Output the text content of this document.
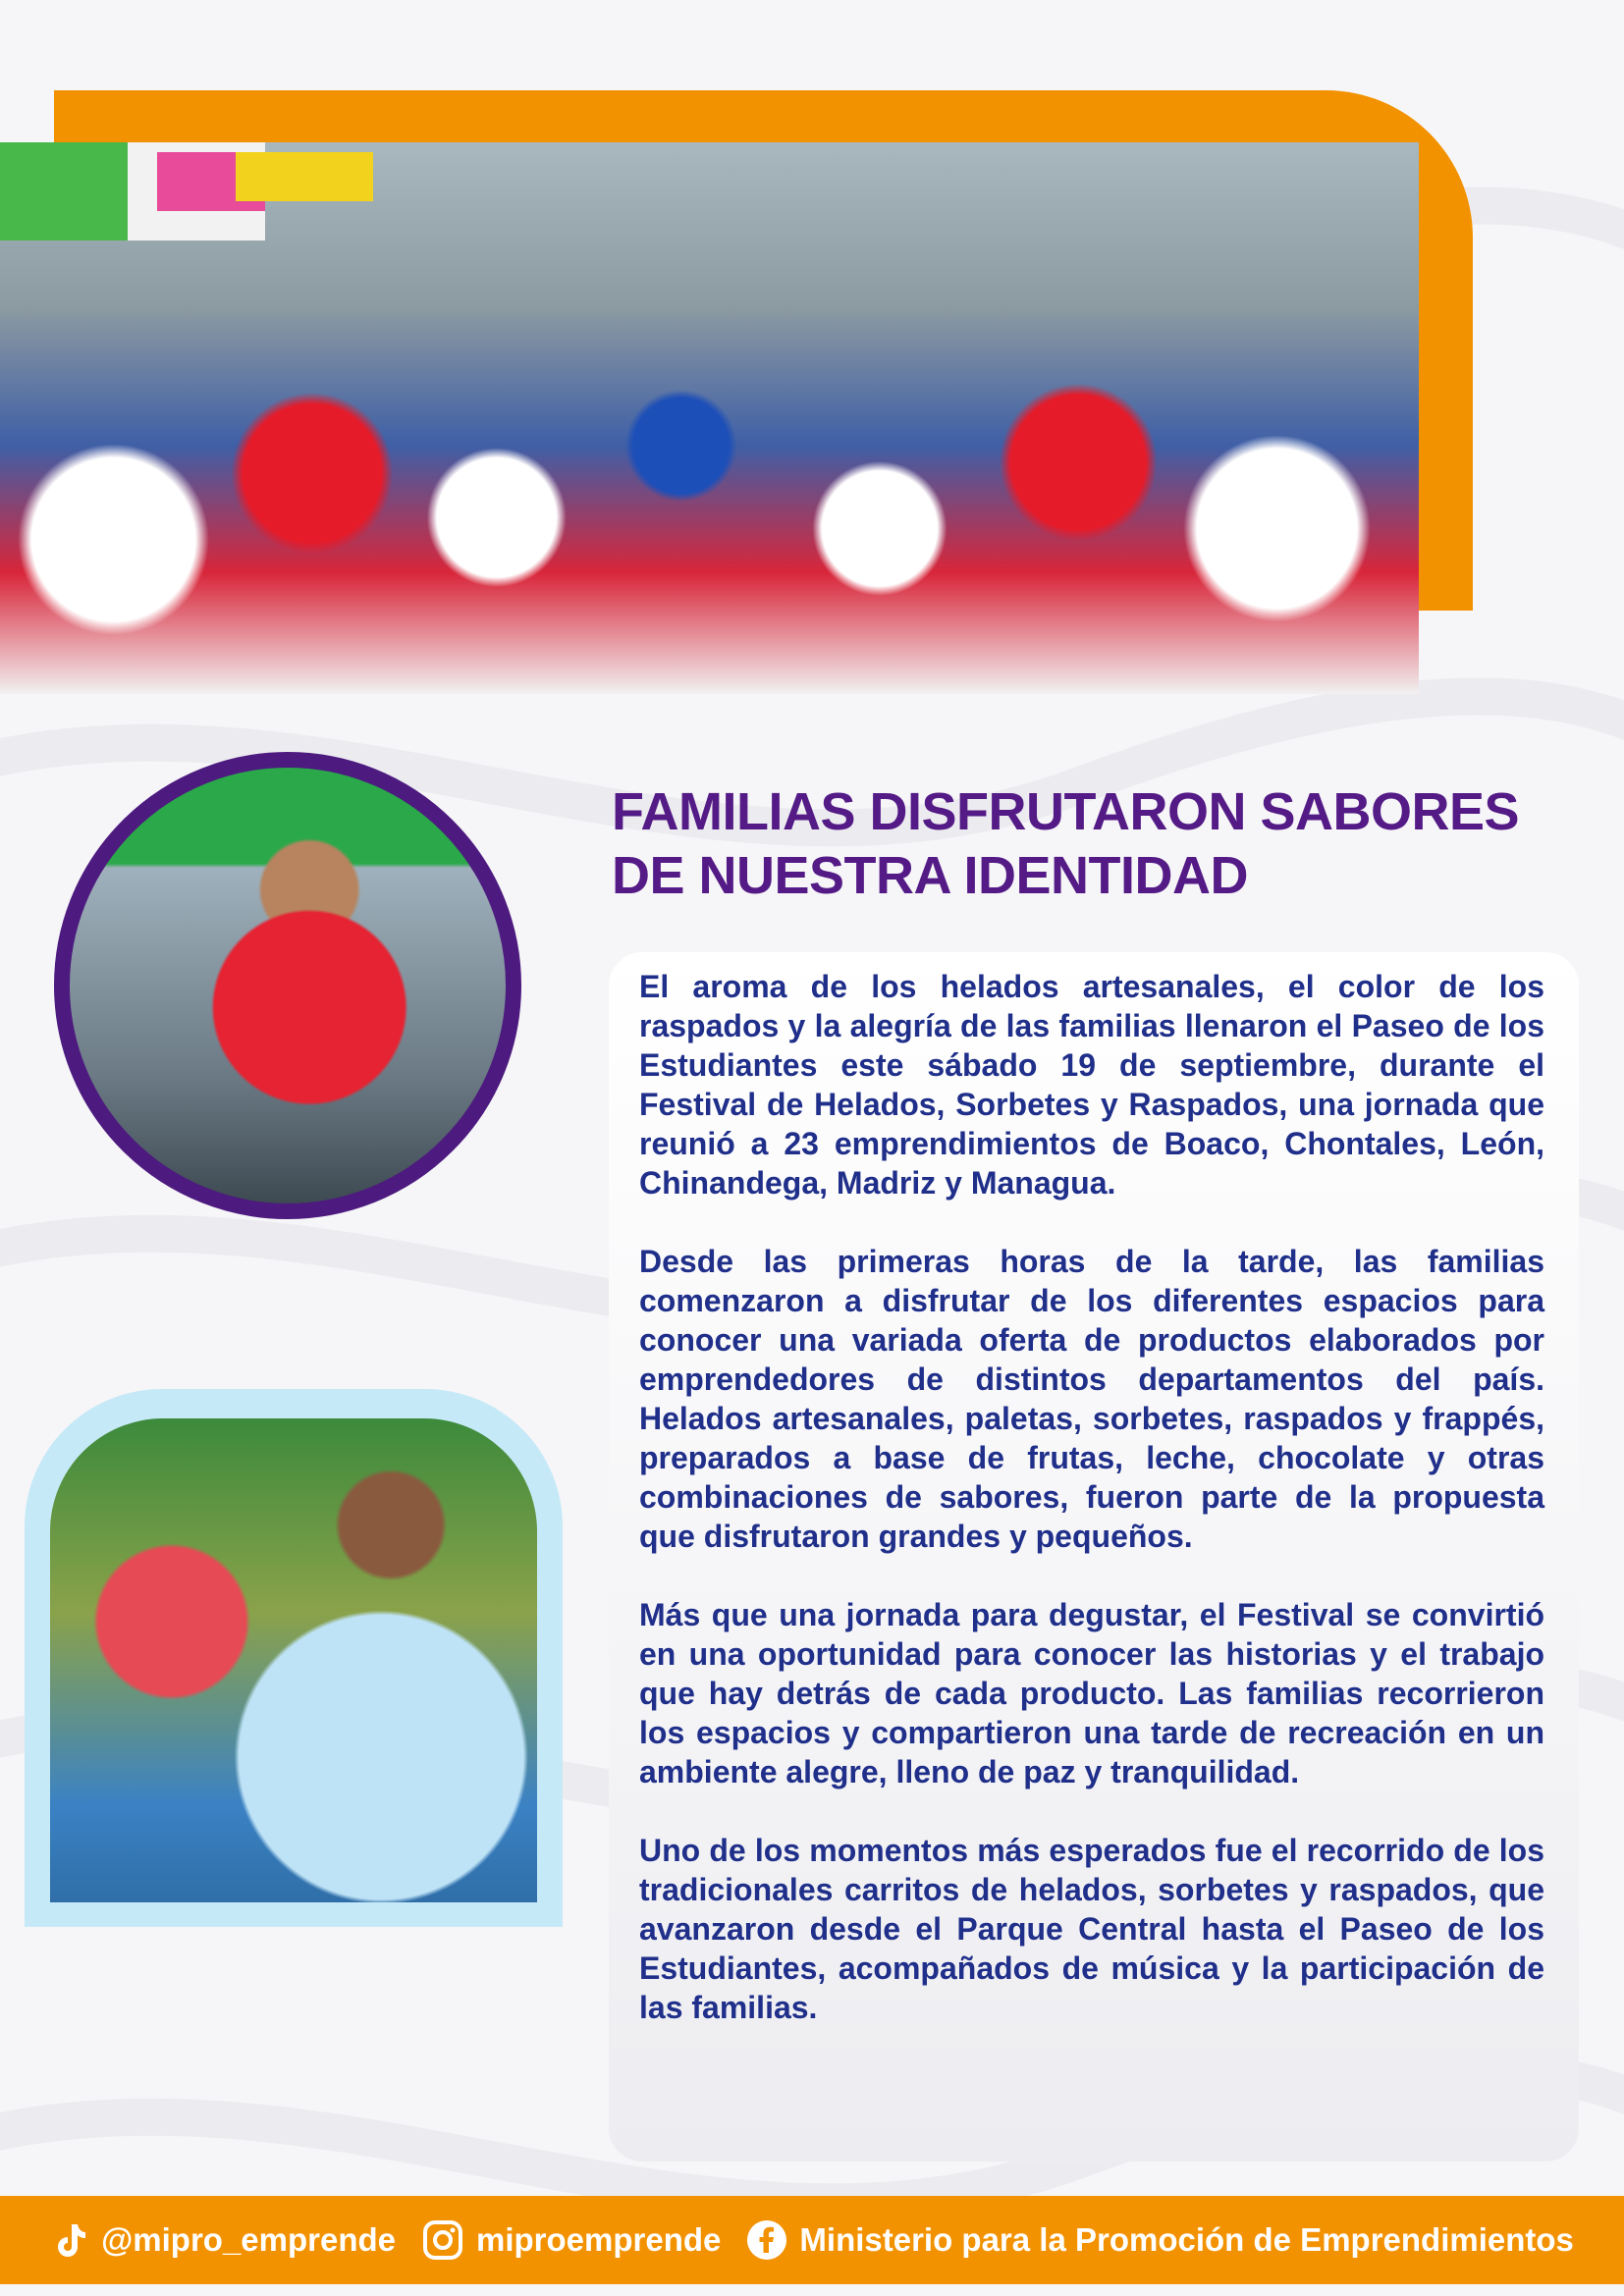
FAMILIAS DISFRUTARON SABORES
DE NUESTRA IDENTIDAD

El aroma de los helados artesanales, el color de los raspados y la alegría de las familias llenaron el Paseo de los Estudiantes este sábado 19 de septiembre, durante el Festival de Helados, Sorbetes y Raspados, una jornada que reunió a 23 emprendimientos de Boaco, Chontales, León, Chinandega, Madriz y Managua.

Desde las primeras horas de la tarde, las familias comenzaron a disfrutar de los diferentes espacios para conocer una variada oferta de productos elaborados por emprendedores de distintos departamentos del país. Helados artesanales, paletas, sorbetes, raspados y frappés, preparados a base de frutas, leche, chocolate y otras combinaciones de sabores, fueron parte de la propuesta que disfrutaron grandes y pequeños.

Más que una jornada para degustar, el Festival se convirtió en una oportunidad para conocer las historias y el trabajo que hay detrás de cada producto. Las familias recorrieron los espacios y compartieron una tarde de recreación en un ambiente alegre, lleno de paz y tranquilidad.

Uno de los momentos más esperados fue el recorrido de los tradicionales carritos de helados, sorbetes y raspados, que avanzaron desde el Parque Central hasta el Paseo de los Estudiantes, acompañados de música y la participación de las familias.

@mipro_emprende miproemprende Ministerio para la Promoción de Emprendimientos
